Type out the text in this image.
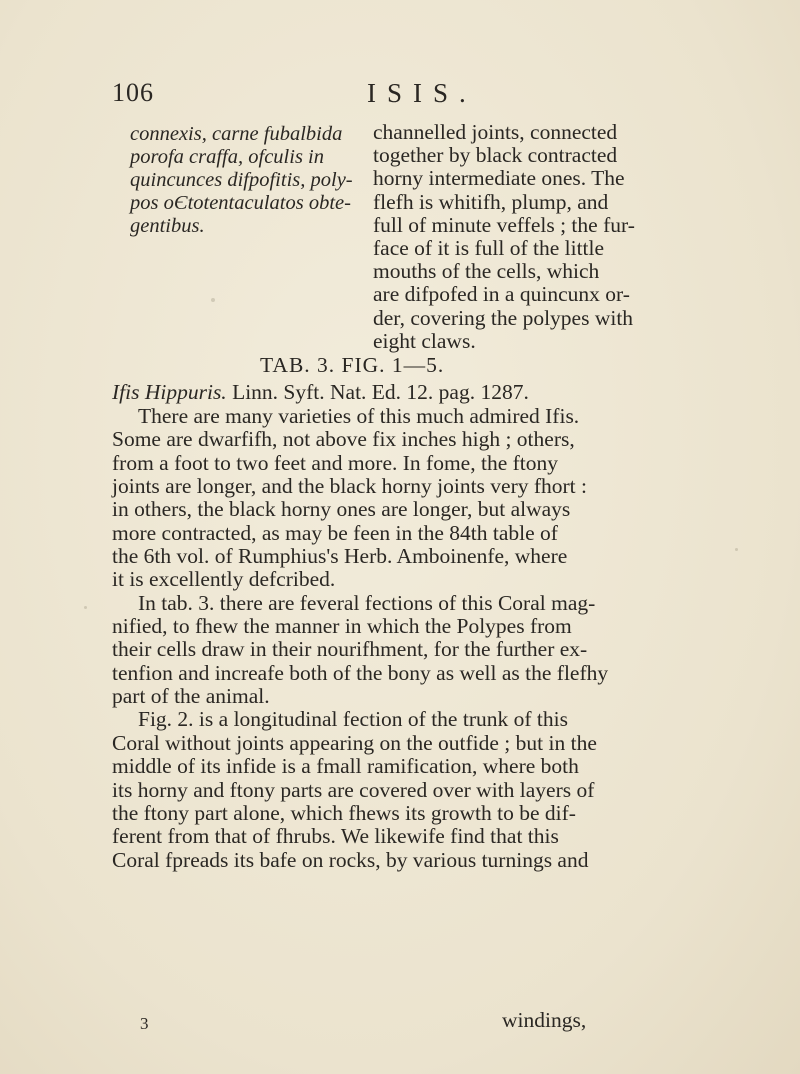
106	ISIS.
connexis, carne fubalbida
porofa craffa, ofculis in
quincunces difpofitis, poly-
pos oЄtotentaculatos obte-
gentibus.
channelled joints, connected
together by black contracted
horny intermediate ones. The
flefh is whitifh, plump, and
full of minute veffels ; the fur-
face of it is full of the little
mouths of the cells, which
are difpofed in a quincunx or-
der, covering the polypes with
eight claws.
TAB. 3. FIG. 1—5.
Ifis Hippuris. Linn. Syft. Nat. Ed. 12. pag. 1287.
There are many varieties of this much admired Ifis.
Some are dwarfifh, not above fix inches high ; others,
from a foot to two feet and more. In fome, the ftony
joints are longer, and the black horny joints very fhort :
in others, the black horny ones are longer, but always
more contracted, as may be feen in the 84th table of
the 6th vol. of Rumphius's Herb. Amboinenfe, where
it is excellently defcribed.
In tab. 3. there are feveral fections of this Coral mag-
nified, to fhew the manner in which the Polypes from
their cells draw in their nourifhment, for the further ex-
tenfion and increafe both of the bony as well as the flefhy
part of the animal.
Fig. 2. is a longitudinal fection of the trunk of this
Coral without joints appearing on the outfide ; but in the
middle of its infide is a fmall ramification, where both
its horny and ftony parts are covered over with layers of
the ftony part alone, which fhews its growth to be dif-
ferent from that of fhrubs. We likewife find that this
Coral fpreads its bafe on rocks, by various turnings and
3	windings,
